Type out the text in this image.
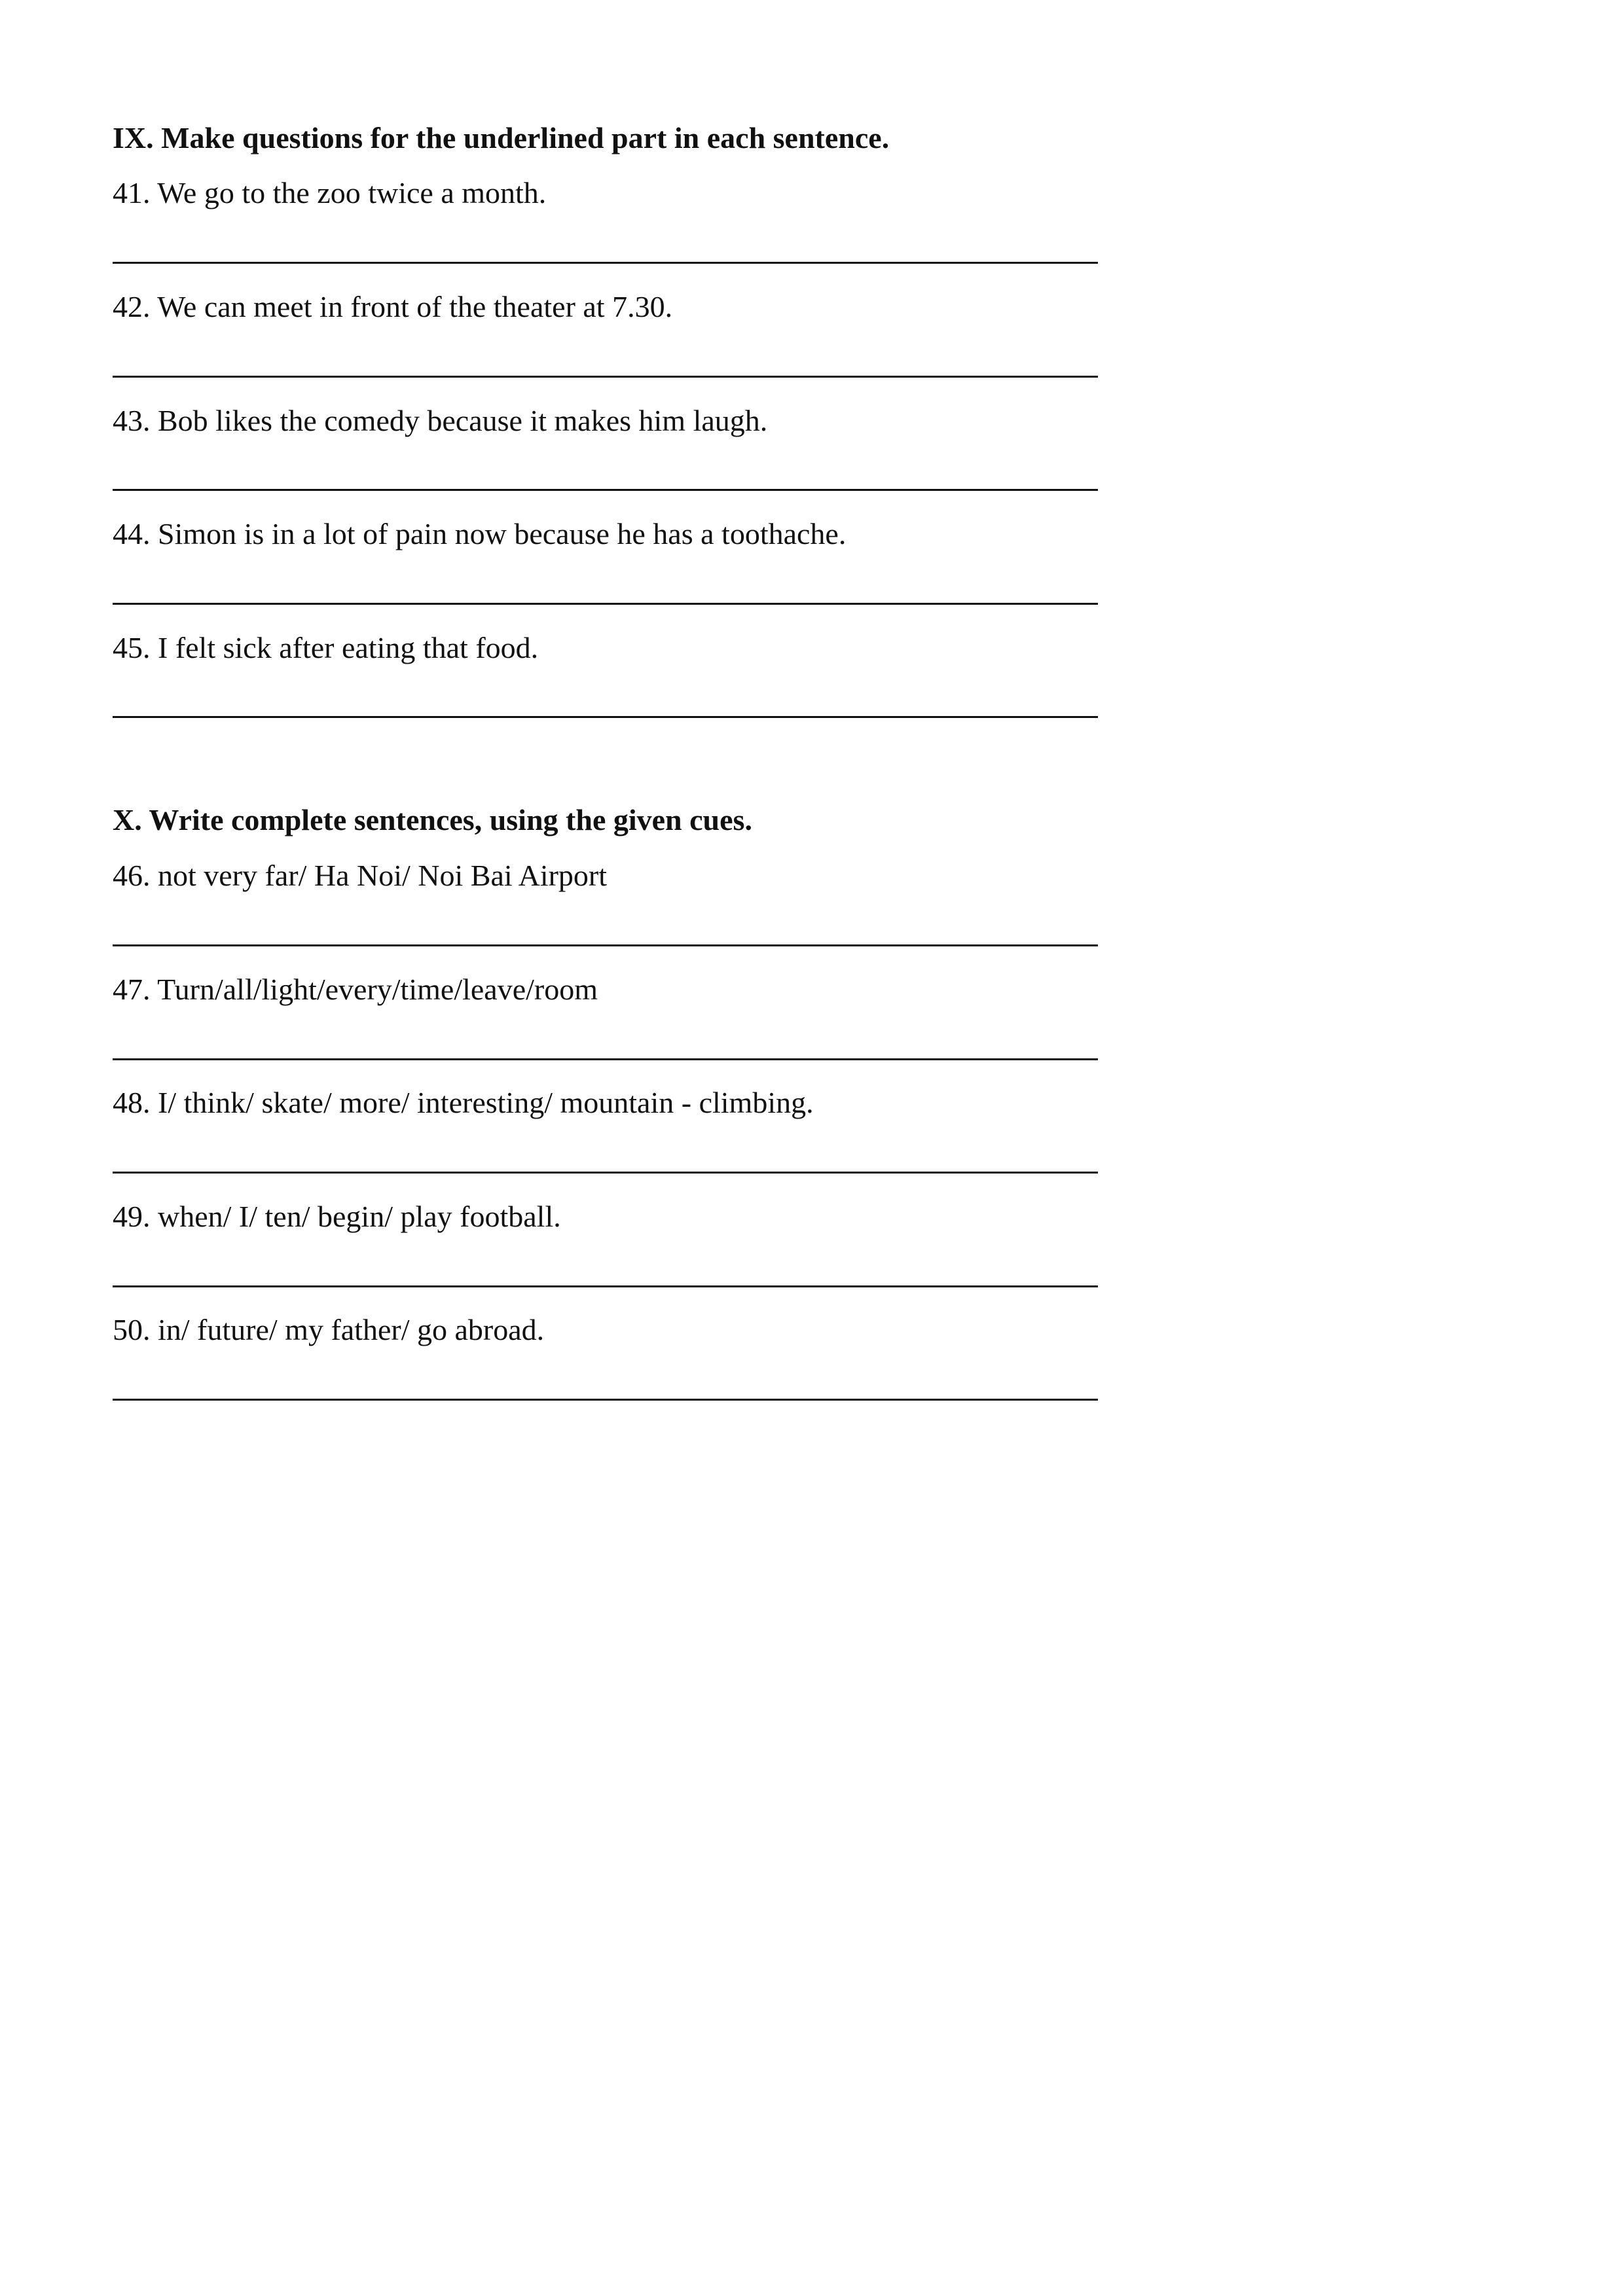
IX. Make questions for the underlined part in each sentence.
41. We go to the zoo twice a month.
42. We can meet in front of the theater at 7.30.
43. Bob likes the comedy because it makes him laugh.
44. Simon is in a lot of pain now because he has a toothache.
45. I felt sick after eating that food.
X. Write complete sentences, using the given cues.
46. not very far/ Ha Noi/ Noi Bai Airport
47. Turn/all/light/every/time/leave/room
48. I/ think/ skate/ more/ interesting/ mountain - climbing.
49. when/ I/ ten/ begin/ play football.
50. in/ future/ my father/ go abroad.
